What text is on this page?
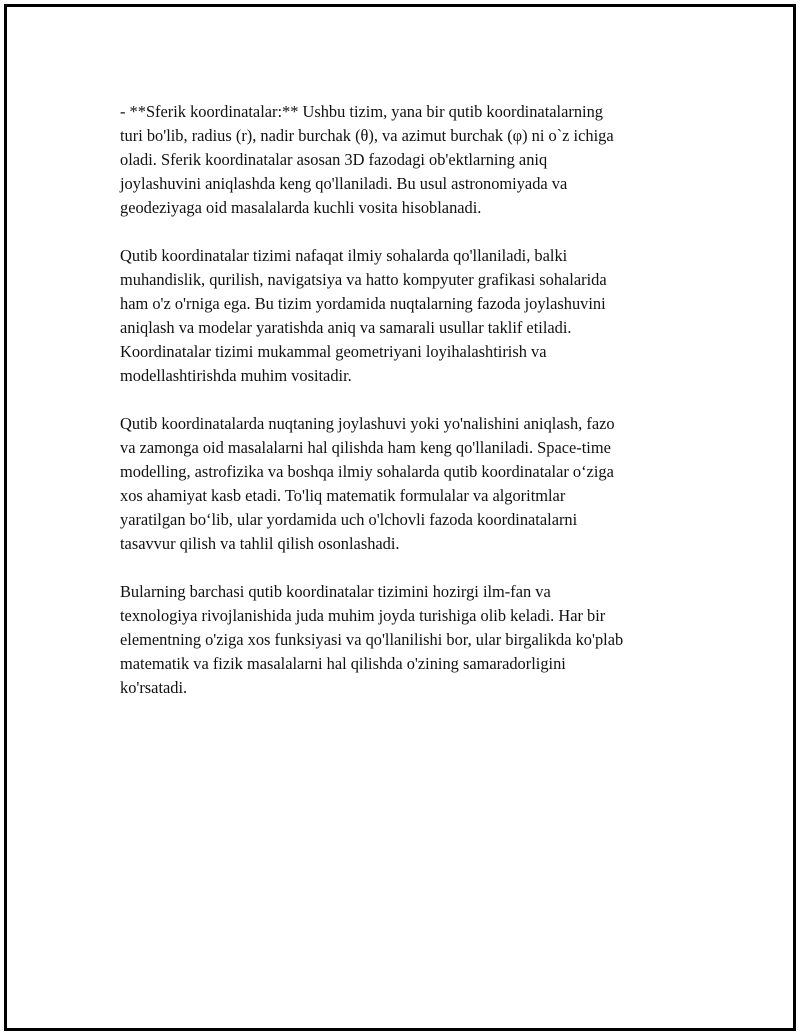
- **Sferik koordinatalar:** Ushbu tizim, yana bir qutib koordinatalarning
turi bo'lib, radius (r), nadir burchak (θ), va azimut burchak (φ) ni o`z ichiga
oladi. Sferik koordinatalar asosan 3D fazodagi ob'ektlarning aniq
joylashuvini aniqlashda keng qo'llaniladi. Bu usul astronomiyada va
geodeziyaga oid masalalarda kuchli vosita hisoblanadi.
Qutib koordinatalar tizimi nafaqat ilmiy sohalarda qo'llaniladi, balki
muhandislik, qurilish, navigatsiya va hatto kompyuter grafikasi sohalarida
ham o'z o'rniga ega. Bu tizim yordamida nuqtalarning fazoda joylashuvini
aniqlash va modelar yaratishda aniq va samarali usullar taklif etiladi.
Koordinatalar tizimi mukammal geometriyani loyihalashtirish va
modellashtirishda muhim vositadir.
Qutib koordinatalarda nuqtaning joylashuvi yoki yo'nalishini aniqlash, fazo
va zamonga oid masalalarni hal qilishda ham keng qo'llaniladi. Space-time
modelling, astrofizika va boshqa ilmiy sohalarda qutib koordinatalar o‘ziga
xos ahamiyat kasb etadi. To'liq matematik formulalar va algoritmlar
yaratilgan bo‘lib, ular yordamida uch o'lchovli fazoda koordinatalarni
tasavvur qilish va tahlil qilish osonlashadi.
Bularning barchasi qutib koordinatalar tizimini hozirgi ilm-fan va
texnologiya rivojlanishida juda muhim joyda turishiga olib keladi. Har bir
elementning o'ziga xos funksiyasi va qo'llanilishi bor, ular birgalikda ko'plab
matematik va fizik masalalarni hal qilishda o'zining samaradorligini
ko'rsatadi.
